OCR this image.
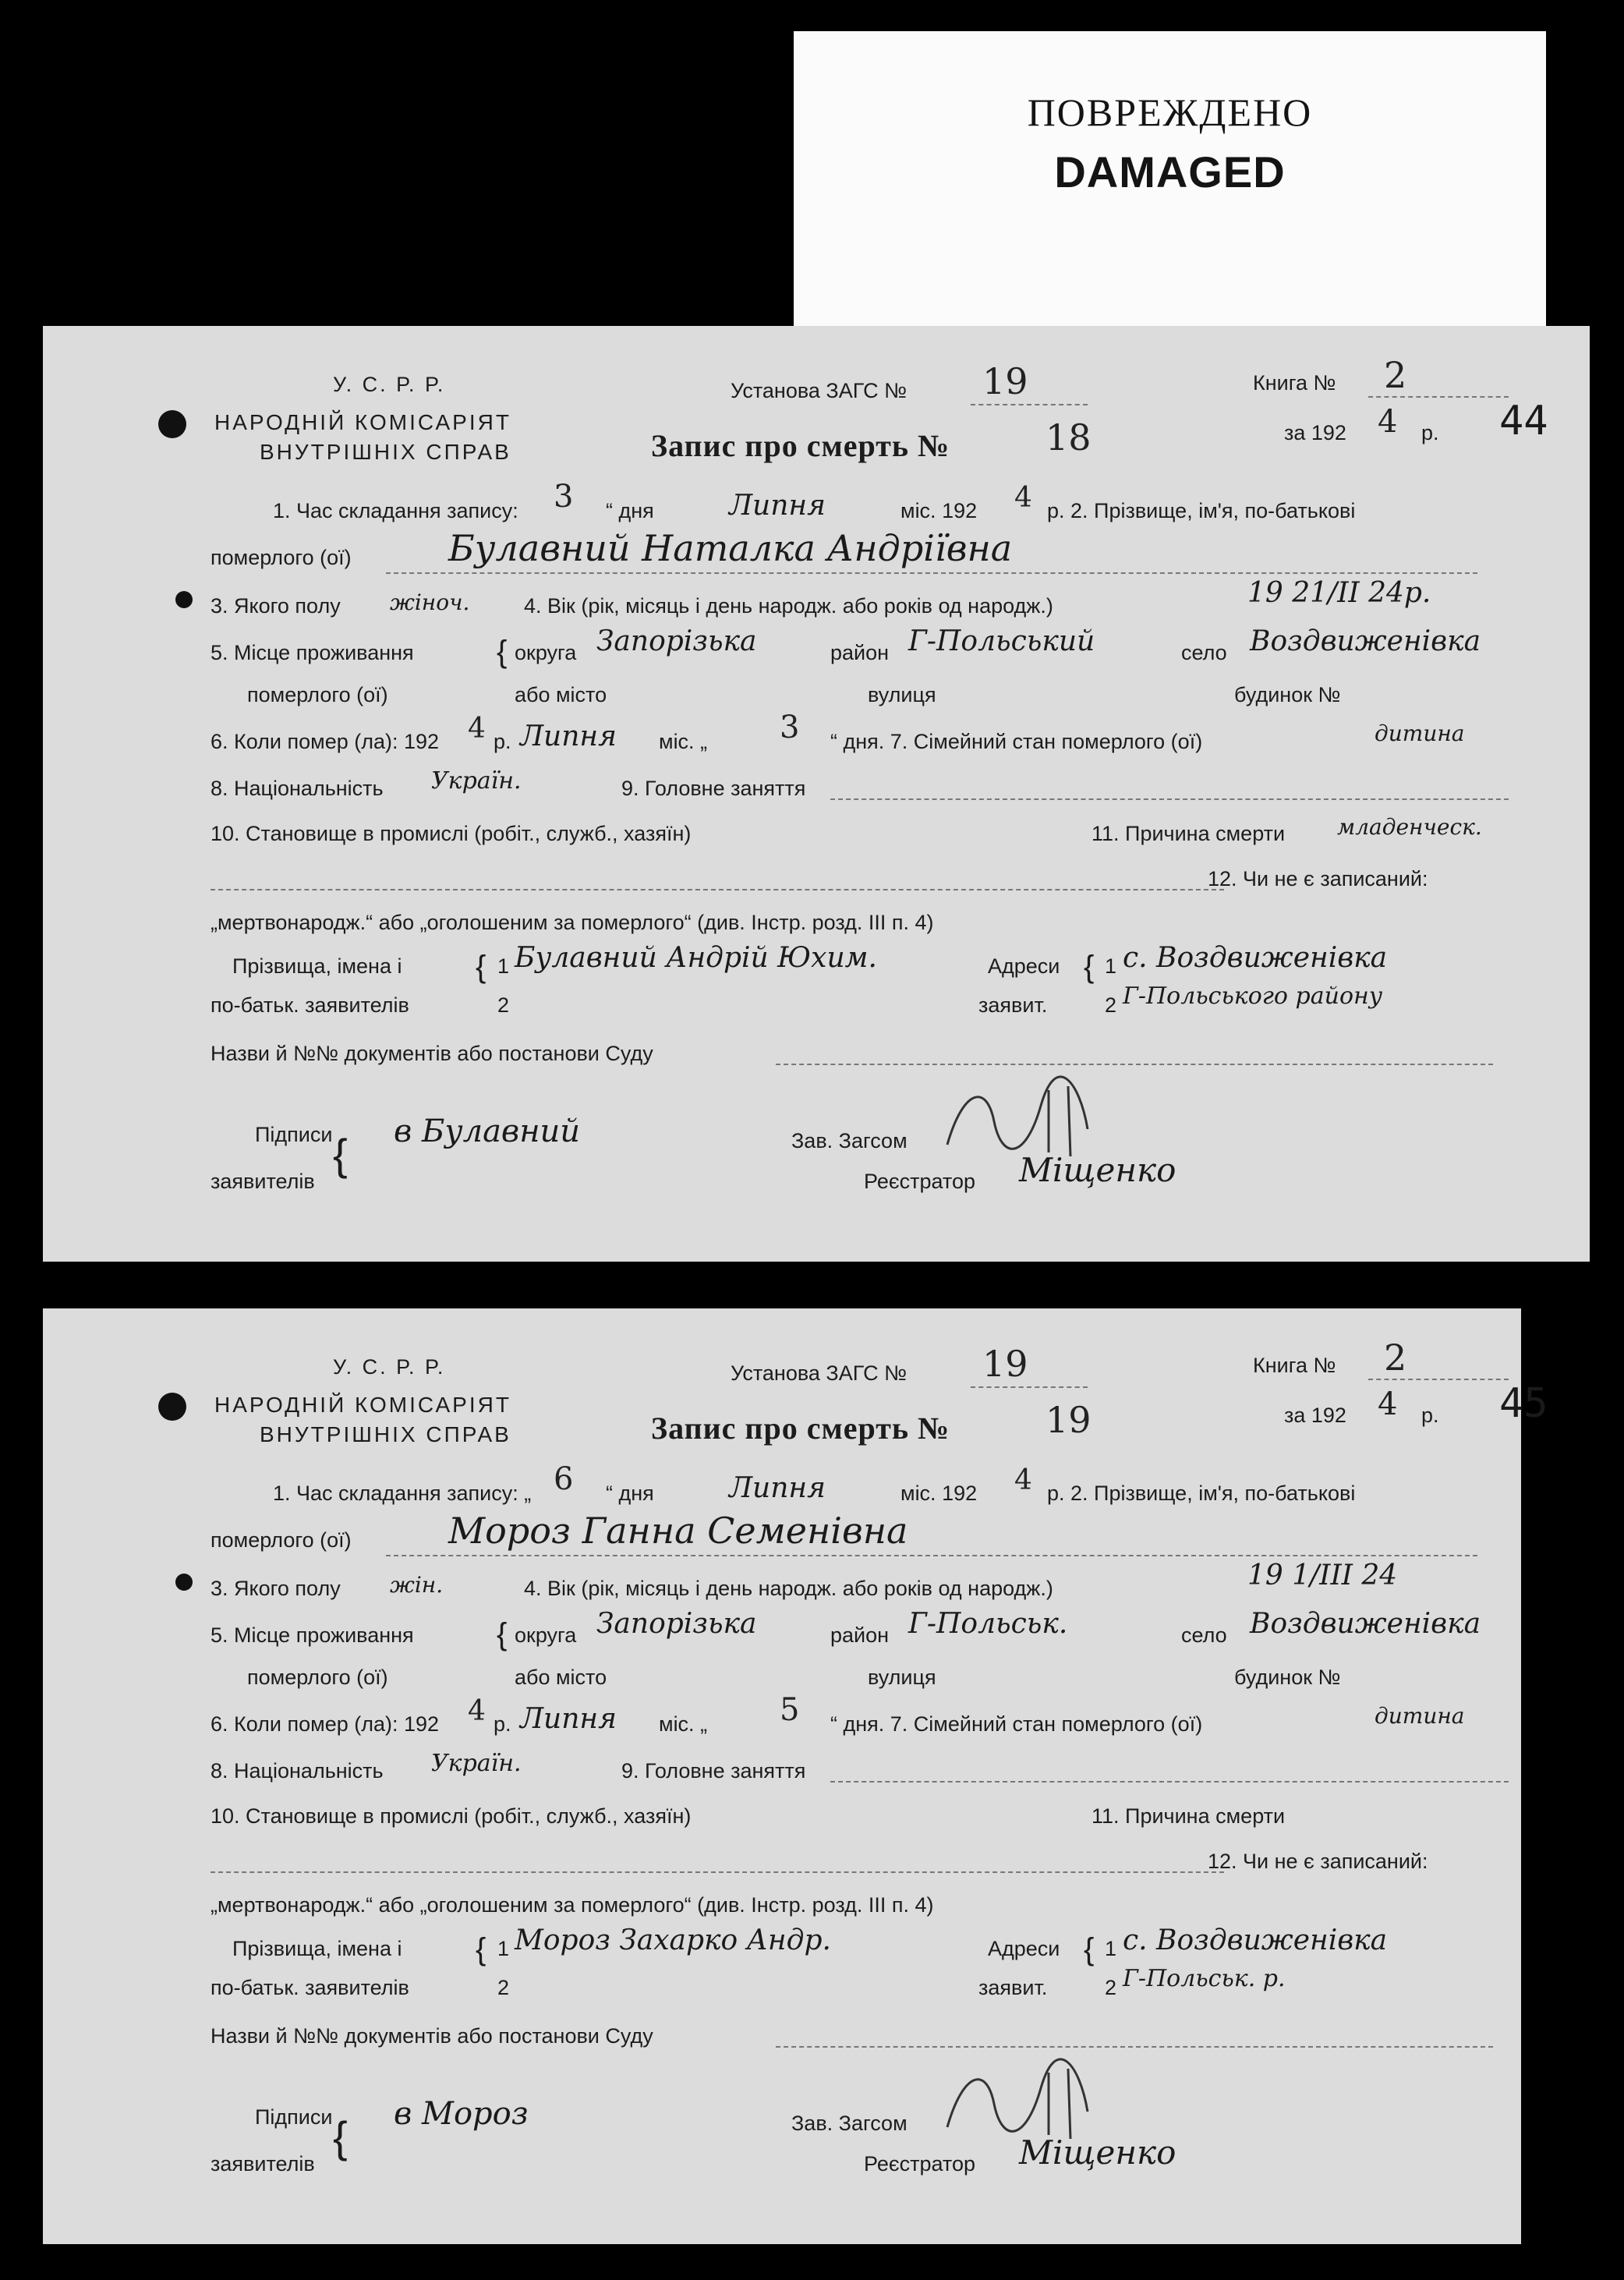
ПОВРЕЖДЕНО
DAMAGED
У. С. Р. Р.
НАРОДНІЙ КОМІСАРІЯТ
ВНУТРІШНІХ СПРАВ
Установа ЗАГС № 19	Книга № 2
за 192 4 р. 44
Запис про смерть №	18
1. Час складання запису: 3 “ дня	Липня	міс. 192 4 р. 2. Прізвище, ім'я, по-батькові
померлого (ої)	Булавний Наталка Андріївна
3. Якого полу жіноч.	4. Вік (рік, місяць і день народж. або років од народж.)	19 21/II 24р.
5. Місце проживання	{ округа Запорізька	район Г-Польський	село Воздвиженівка
померлого (ої)	або місто	вулиця	будинок №
6. Коли помер (ла): 192 4 р. Липня міс. „ 3 “ дня. 7. Сімейний стан померлого (ої)	дитина
8. Національність Україн.	9. Головне заняття
10. Становище в промислі (робіт., служб., хазяїн)	11. Причина смерти младенческ.
12. Чи не є записаний:
„мертвонародж.“ або „оголошеним за померлого“ (див. Інстр. розд. III п. 4)
Прізвища, імена і { 1 Булавний Андрій Юхим.	Адреси { 1 с. Воздвиженівка
по-батьк. заявителів	2	заявит.	2 Г-Польського району
Назви й №№ документів або постанови Суду
Підписи { в Булавний	Зав. Загсом
заявителів	Реєстратор Міщенко
У. С. Р. Р.
НАРОДНІЙ КОМІСАРІЯТ
ВНУТРІШНІХ СПРАВ
Установа ЗАГС № 19	Книга № 2
за 192 4 р. 45
Запис про смерть №	19
1. Час складання запису: „ 6 “ дня	Липня	міс. 192 4 р. 2. Прізвище, ім'я, по-батькові
померлого (ої)	Мороз Ганна Семенівна
3. Якого полу жін.	4. Вік (рік, місяць і день народж. або років од народж.)	19 1/III 24
5. Місце проживання	{ округа Запорізька	район Г-Польськ.	село Воздвиженівка
померлого (ої)	або місто	вулиця	будинок №
6. Коли помер (ла): 192 4 р. Липня міс. „ 5 “ дня. 7. Сімейний стан померлого (ої)	дитина
8. Національність Україн.	9. Головне заняття
10. Становище в промислі (робіт., служб., хазяїн)	11. Причина смерти
12. Чи не є записаний:
„мертвонародж.“ або „оголошеним за померлого“ (див. Інстр. розд. III п. 4)
Прізвища, імена і { 1 Мороз Захарко Андр.	Адреси { 1 с. Воздвиженівка
по-батьк. заявителів	2	заявит.	2 Г-Польськ. р.
Назви й №№ документів або постанови Суду
Підписи { в Мороз	Зав. Загсом
заявителів	Реєстратор Міщенко
